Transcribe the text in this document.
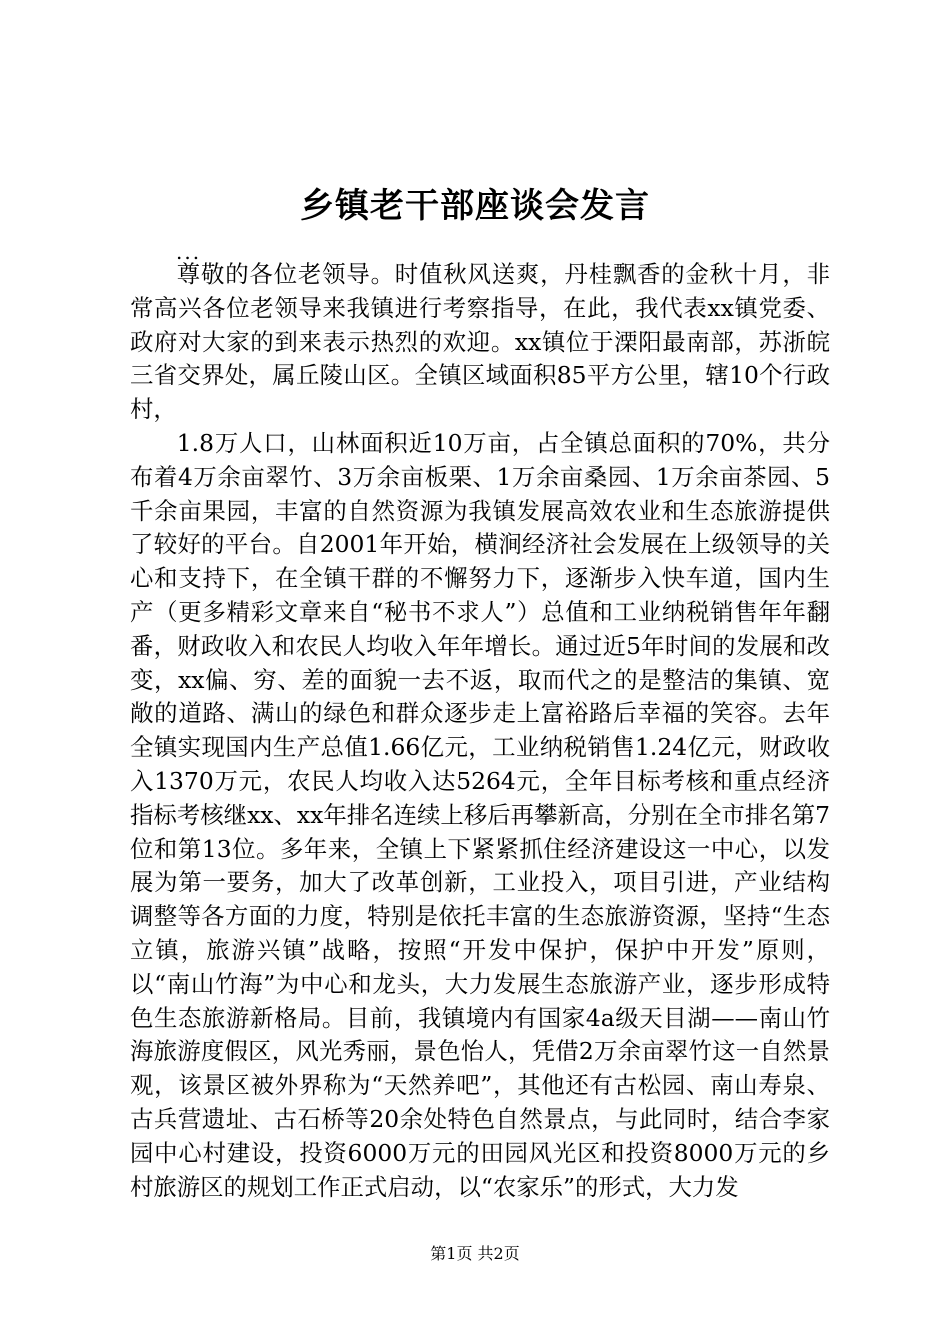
乡镇老干部座谈会发言
...

尊敬的各位老领导。时值秋风送爽，丹桂飘香的金秋十月，非常高兴各位老领导来我镇进行考察指导，在此，我代表xx镇党委、政府对大家的到来表示热烈的欢迎。xx镇位于溧阳最南部，苏浙皖三省交界处，属丘陵山区。全镇区域面积85平方公里，辖10个行政村，

1.8万人口，山林面积近10万亩，占全镇总面积的70%，共分布着4万余亩翠竹、3万余亩板栗、1万余亩桑园、1万余亩茶园、5千余亩果园，丰富的自然资源为我镇发展高效农业和生态旅游提供了较好的平台。自2001年开始，横涧经济社会发展在上级领导的关心和支持下，在全镇干群的不懈努力下，逐渐步入快车道，国内生产（更多精彩文章来自“秘书不求人”）总值和工业纳税销售年年翻番，财政收入和农民人均收入年年增长。通过近5年时间的发展和改变，xx偏、穷、差的面貌一去不返，取而代之的是整洁的集镇、宽敞的道路、满山的绿色和群众逐步走上富裕路后幸福的笑容。去年全镇实现国内生产总值1.66亿元，工业纳税销售1.24亿元，财政收入1370万元，农民人均收入达5264元，全年目标考核和重点经济指标考核继xx、xx年排名连续上移后再攀新高，分别在全市排名第7位和第13位。多年来，全镇上下紧紧抓住经济建设这一中心，以发展为第一要务，加大了改革创新，工业投入，项目引进，产业结构调整等各方面的力度，特别是依托丰富的生态旅游资源，坚持“生态立镇，旅游兴镇”战略，按照“开发中保护，保护中开发”原则，以“南山竹海”为中心和龙头，大力发展生态旅游产业，逐步形成特色生态旅游新格局。目前，我镇境内有国家4a级天目湖——南山竹海旅游度假区，风光秀丽，景色怡人，凭借2万余亩翠竹这一自然景观，该景区被外界称为“天然养吧”，其他还有古松园、南山寿泉、古兵营遗址、古石桥等20余处特色自然景点，与此同时，结合李家园中心村建设，投资6000万元的田园风光区和投资8000万元的乡村旅游区的规划工作正式启动，以“农家乐”的形式，大力发

第1页 共2页
